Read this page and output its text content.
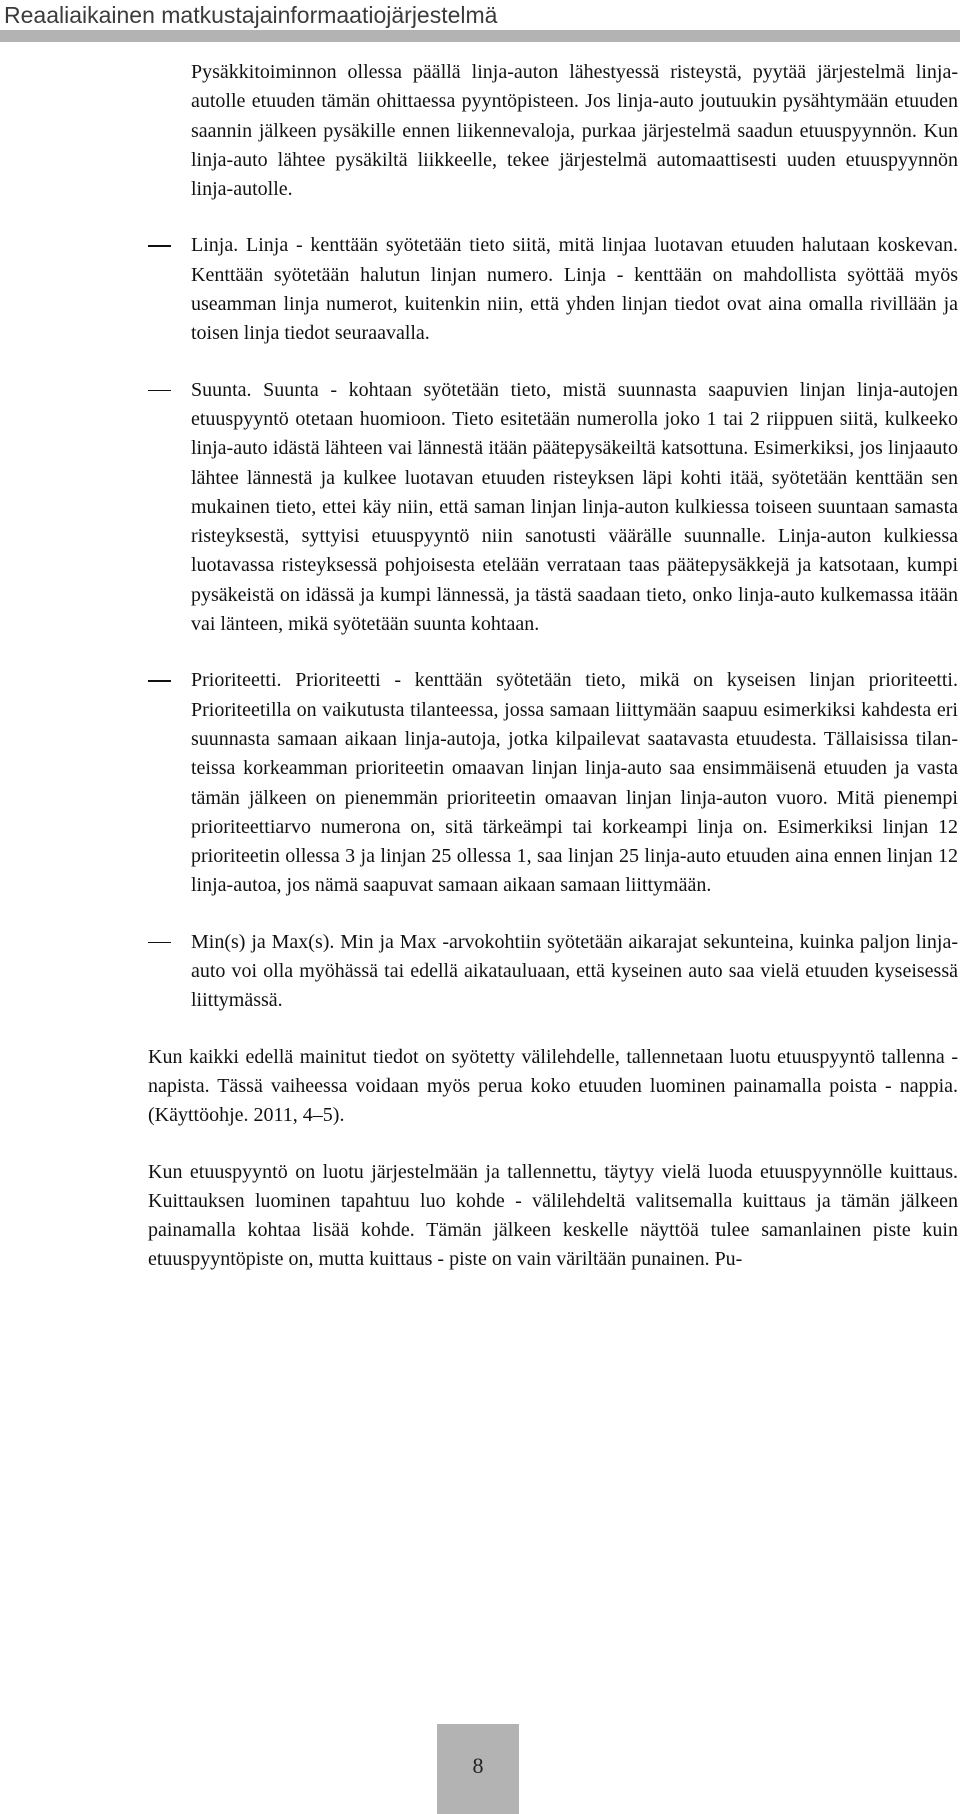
Reaaliaikainen matkustajainformaatiojärjestelmä

Pysäkkitoiminnon ollessa päällä linja-auton lähestyessä risteystä, pyytää järjestelmä linja-autolle etuuden tämän ohittaessa pyyntöpisteen. Jos linja-auto joutuukin pysähtymään etuuden saannin jälkeen pysäkille ennen liikennevaloja, purkaa järjestelmä saadun etuuspyynnön. Kun linja-auto lähtee pysäkiltä liikkeelle, tekee järjestelmä automaattisesti uuden etuuspyynnön linja-autolle.

Linja. Linja - kenttään syötetään tieto siitä, mitä linjaa luotavan etuuden halutaan koskevan. Kenttään syötetään halutun linjan numero. Linja - kenttään on mahdollista syöttää myös useamman linja numerot, kuitenkin niin, että yhden linjan tiedot ovat aina omalla rivillään ja toisen linja tiedot seuraavalla.

Suunta. Suunta - kohtaan syötetään tieto, mistä suunnasta saapuvien linjan linja-autojen etuuspyyntö otetaan huomioon. Tieto esitetään numerolla joko 1 tai 2 riippuen siitä, kulkeeko linja-auto idästä lähteen vai lännestä itään päätepysäkeiltä katsottuna. Esimerkiksi, jos linjaauto lähtee lännestä ja kulkee luotavan etuuden risteyksen läpi kohti itää, syötetään kenttään sen mukainen tieto, ettei käy niin, että saman linjan linja-auton kulkiessa toiseen suuntaan samasta risteyksestä, syttyisi etuuspyyntö niin sanotusti väärälle suunnalle. Linja-auton kulkiessa luotavassa risteyksessä pohjoisesta etelään verrataan taas päätepysäkkejä ja katsotaan, kumpi pysäkeistä on idässä ja kumpi lännessä, ja tästä saadaan tieto, onko linja-auto kulkemassa itään vai länteen, mikä syötetään suunta kohtaan.

Prioriteetti. Prioriteetti - kenttään syötetään tieto, mikä on kyseisen linjan prioriteetti. Prioriteetilla on vaikutusta tilanteessa, jossa samaan liittymään saapuu esimerkiksi kahdesta eri suunnasta samaan aikaan linja-autoja, jotka kilpailevat saatavasta etuudesta. Tällaisissa tilanteissa korkeamman prioriteetin omaavan linjan linja-auto saa ensimmäisenä etuuden ja vasta tämän jälkeen on pienemmän prioriteetin omaavan linjan linja-auton vuoro. Mitä pienempi prioriteettiarvo numerona on, sitä tärkeämpi tai korkeampi linja on. Esimerkiksi linjan 12 prioriteetin ollessa 3 ja linjan 25 ollessa 1, saa linjan 25 linja-auto etuuden aina ennen linjan 12 linja-autoa, jos nämä saapuvat samaan aikaan samaan liittymään.

Min(s) ja Max(s). Min ja Max -arvokohtiin syötetään aikarajat sekunteina, kuinka paljon linja-auto voi olla myöhässä tai edellä aikatauluaan, että kyseinen auto saa vielä etuuden kyseisessä liittymässä.

Kun kaikki edellä mainitut tiedot on syötetty välilehdelle, tallennetaan luotu etuuspyyntö tallenna - napista. Tässä vaiheessa voidaan myös perua koko etuuden luominen painamalla poista - nappia. (Käyttöohje. 2011, 4–5).

Kun etuuspyyntö on luotu järjestelmään ja tallennettu, täytyy vielä luoda etuuspyynnölle kuittaus. Kuittauksen luominen tapahtuu luo kohde - välilehdeltä valitsemalla kuittaus ja tämän jälkeen painamalla kohtaa lisää kohde. Tämän jälkeen keskelle näyttöä tulee samanlainen piste kuin etuuspyyntöpiste on, mutta kuittaus - piste on vain väriltään punainen. Pu-

8
